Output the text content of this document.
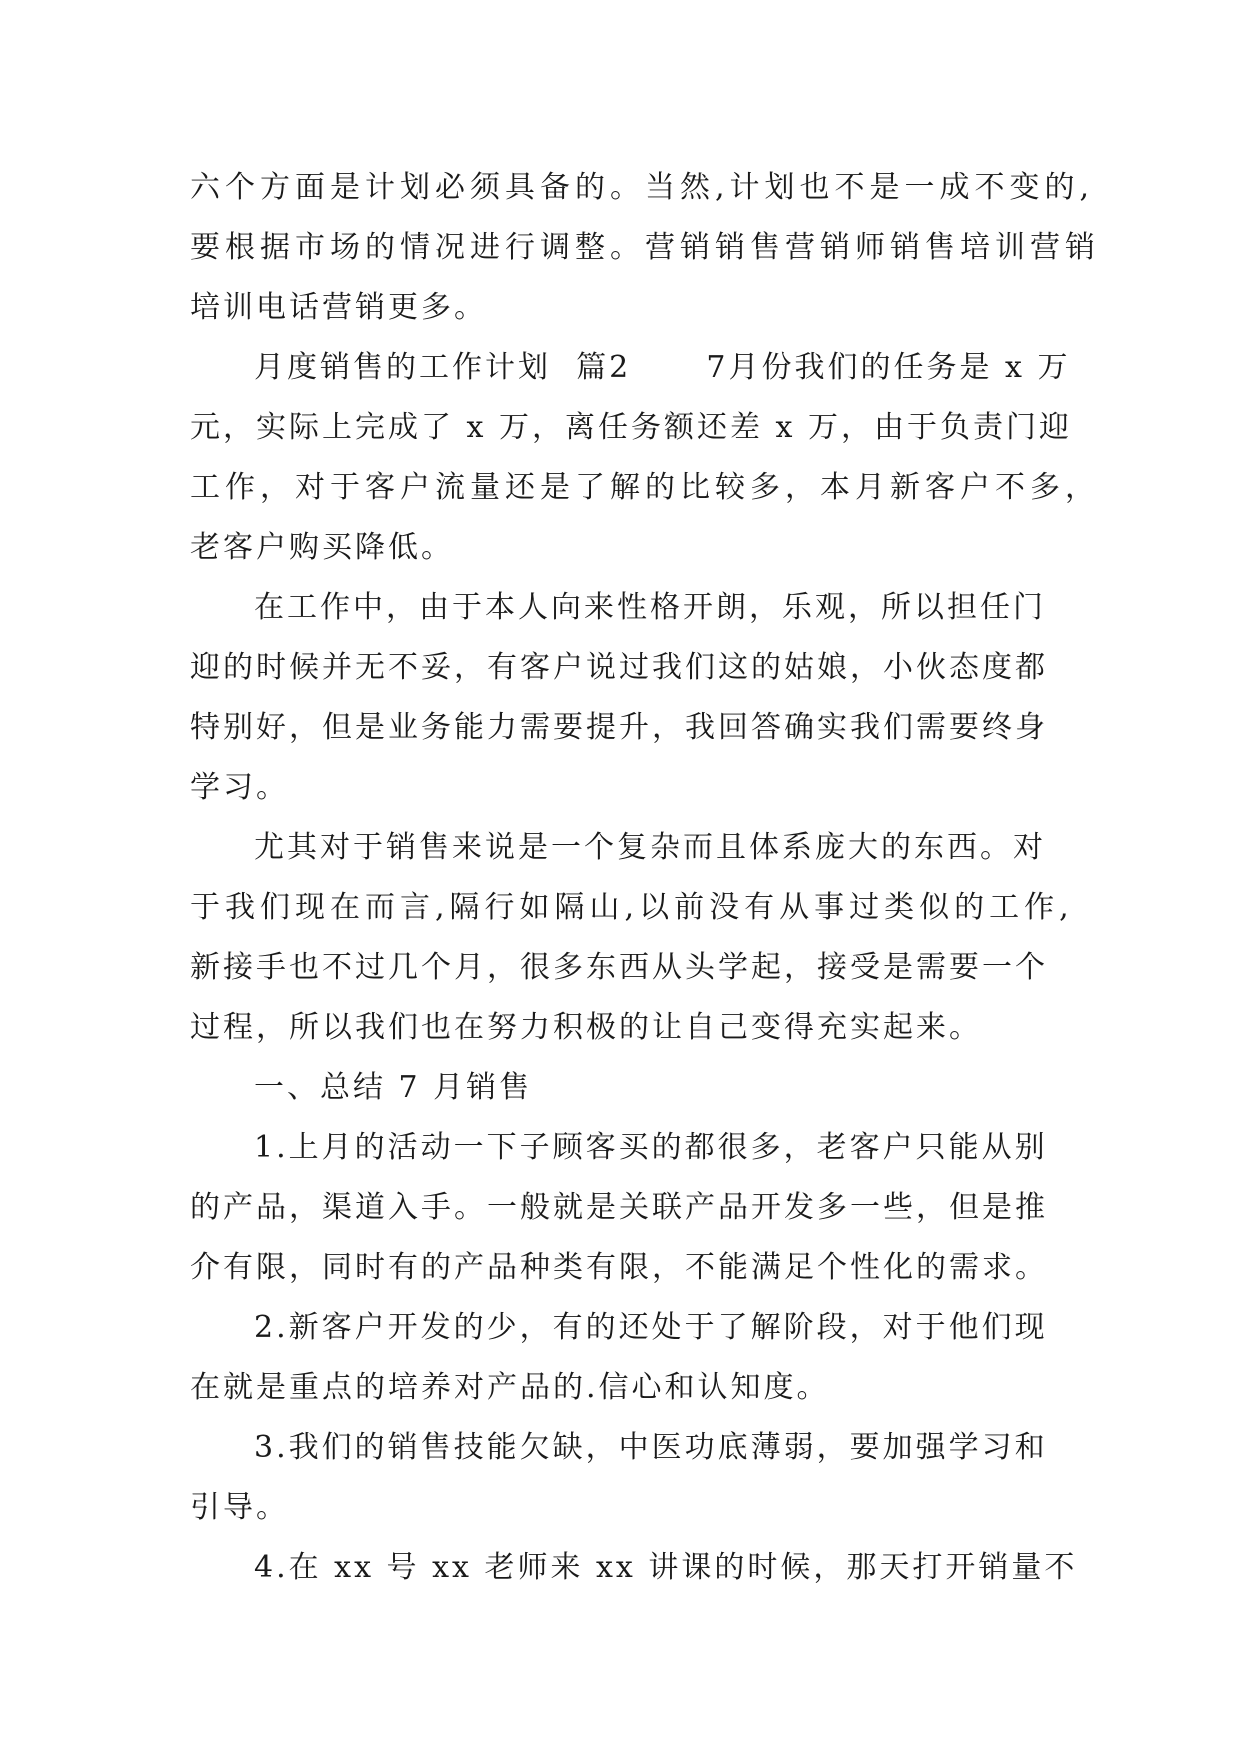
六个方面是计划必须具备的。当然,计划也不是一成不变的,

要根据市场的情况进行调整。营销销售营销师销售培训营销

培训电话营销更多。

月度销售的工作计划  篇2      7月份我们的任务是 x 万

元，实际上完成了 x 万，离任务额还差 x 万，由于负责门迎

工作，对于客户流量还是了解的比较多，本月新客户不多，

老客户购买降低。

在工作中，由于本人向来性格开朗，乐观，所以担任门

迎的时候并无不妥，有客户说过我们这的姑娘，小伙态度都

特别好，但是业务能力需要提升，我回答确实我们需要终身

学习。

尤其对于销售来说是一个复杂而且体系庞大的东西。对

于我们现在而言,隔行如隔山,以前没有从事过类似的工作,

新接手也不过几个月，很多东西从头学起，接受是需要一个

过程，所以我们也在努力积极的让自己变得充实起来。

一、总结 7 月销售

1.上月的活动一下子顾客买的都很多，老客户只能从别

的产品，渠道入手。一般就是关联产品开发多一些，但是推

介有限，同时有的产品种类有限，不能满足个性化的需求。

2.新客户开发的少，有的还处于了解阶段，对于他们现

在就是重点的培养对产品的.信心和认知度。

3.我们的销售技能欠缺，中医功底薄弱，要加强学习和

引导。

4.在 xx 号 xx 老师来 xx 讲课的时候，那天打开销量不
